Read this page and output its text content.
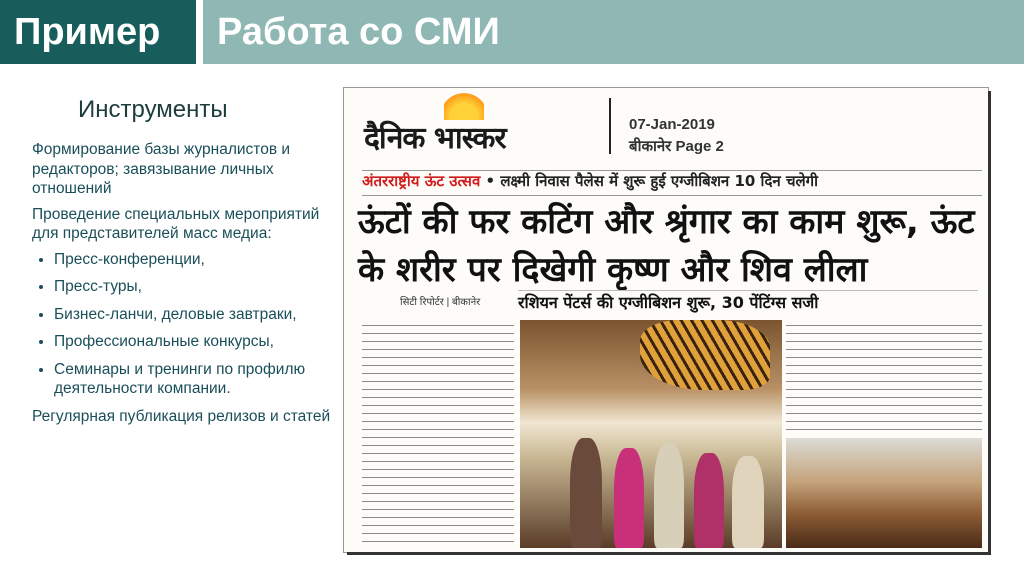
Пример Работа со СМИ
Инструменты

Формирование базы журналистов и редакторов; завязывание личных отношений

Проведение специальных мероприятий для представителей масс медиа:

• Пресс-конференции,
• Пресс-туры,
• Бизнес-ланчи, деловые завтраки,
• Профессиональные конкурсы,
• Семинары и тренинги по профилю деятельности компании.

Регулярная публикация релизов и статей

दैनिक भास्कर	07-Jan-2019
बीकानेर Page 2
अंतरराष्ट्रीय ऊंट उत्सव • लक्ष्मी निवास पैलेस में शुरू हुई एग्जीबिशन 10 दिन चलेगी
ऊंटों की फर कटिंग और श्रृंगार का काम शुरू, ऊंट के शरीर पर दिखेगी कृष्ण और शिव लीला
सिटी रिपोर्टर | बीकानेर रशियन पेंटर्स की एग्जीबिशन शुरू, 30 पेंटिंग्स सजी
